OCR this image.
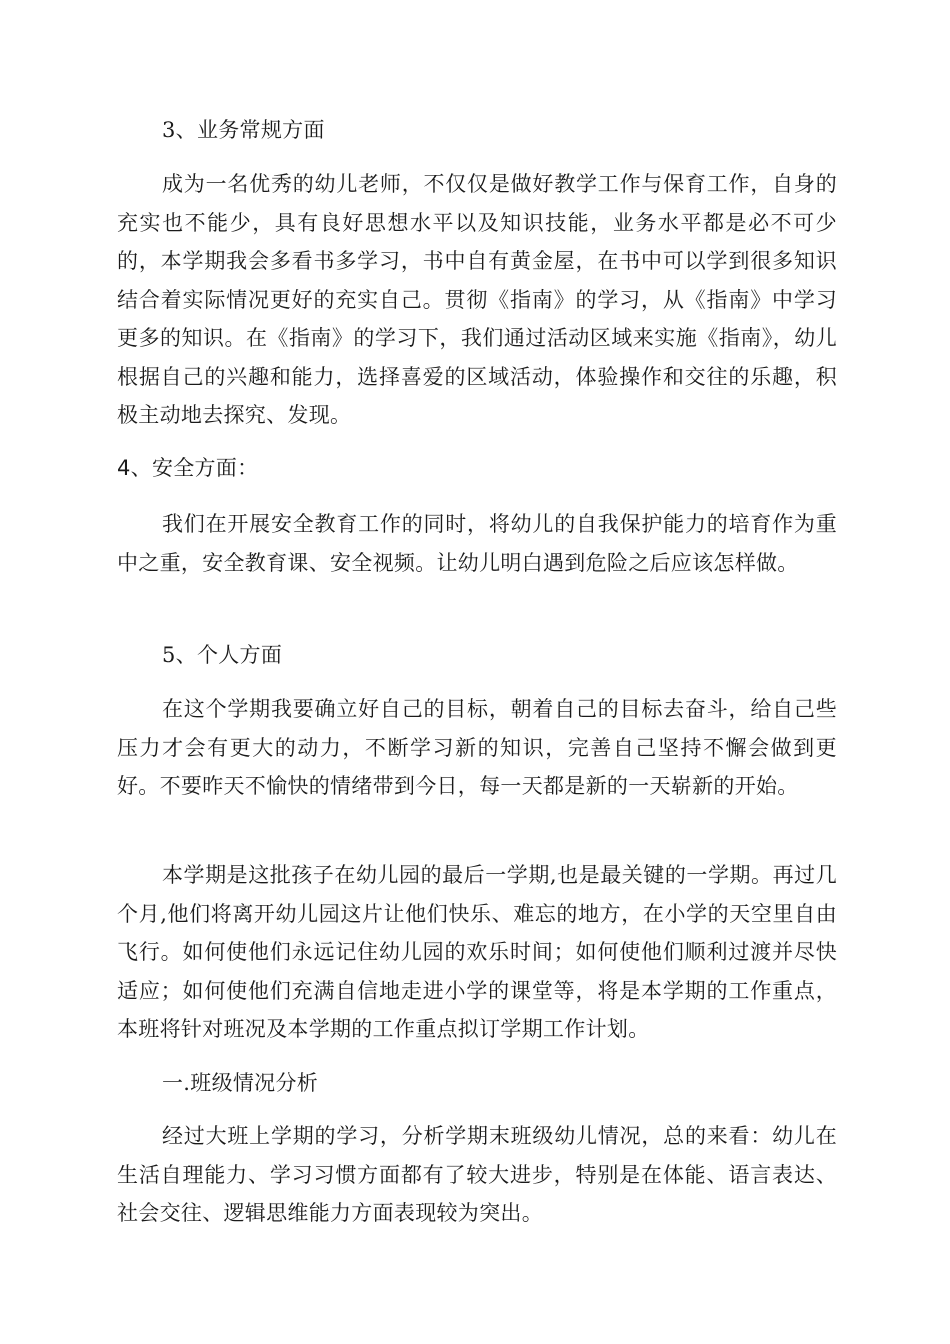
3、业务常规方面

成为一名优秀的幼儿老师，不仅仅是做好教学工作与保育工作，自身的充实也不能少，具有良好思想水平以及知识技能，业务水平都是必不可少的，本学期我会多看书多学习，书中自有黄金屋，在书中可以学到很多知识结合着实际情况更好的充实自己。贯彻《指南》的学习，从《指南》中学习更多的知识。在《指南》的学习下，我们通过活动区域来实施《指南》，幼儿根据自己的兴趣和能力，选择喜爱的区域活动，体验操作和交往的乐趣，积极主动地去探究、发现。

4、安全方面：

我们在开展安全教育工作的同时，将幼儿的自我保护能力的培育作为重中之重，安全教育课、安全视频。让幼儿明白遇到危险之后应该怎样做。

5、个人方面

在这个学期我要确立好自己的目标，朝着自己的目标去奋斗，给自己些压力才会有更大的动力，不断学习新的知识，完善自己坚持不懈会做到更好。不要昨天不愉快的情绪带到今日，每一天都是新的一天崭新的开始。

本学期是这批孩子在幼儿园的最后一学期,也是最关键的一学期。再过几个月,他们将离开幼儿园这片让他们快乐、难忘的地方，在小学的天空里自由飞行。如何使他们永远记住幼儿园的欢乐时间；如何使他们顺利过渡并尽快适应；如何使他们充满自信地走进小学的课堂等，将是本学期的工作重点，本班将针对班况及本学期的工作重点拟订学期工作计划。

一.班级情况分析

经过大班上学期的学习，分析学期末班级幼儿情况，总的来看：幼儿在生活自理能力、学习习惯方面都有了较大进步，特别是在体能、语言表达、社会交往、逻辑思维能力方面表现较为突出。
